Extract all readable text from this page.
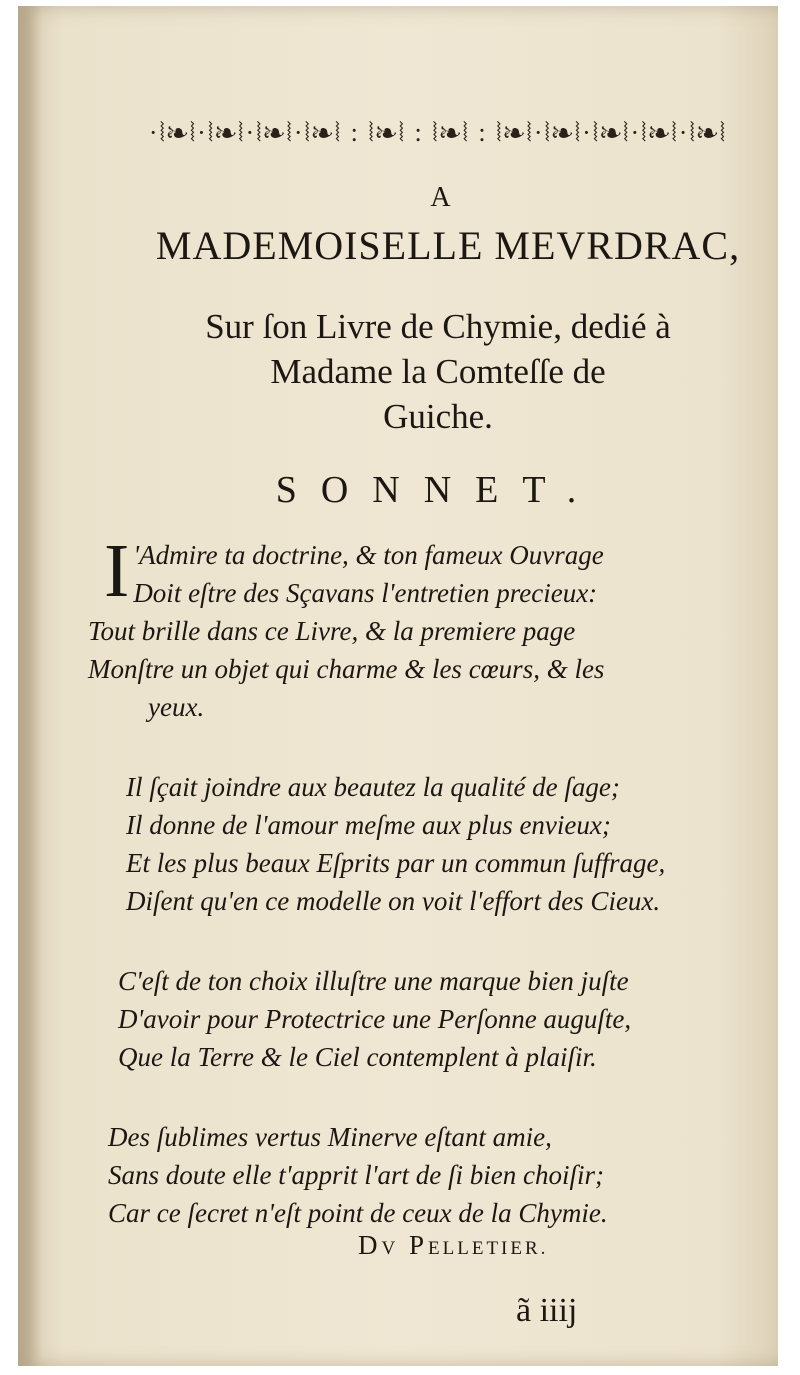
·⦚❧⦚·⦚❧⦚·⦚❧⦚·⦚❧⦚ : ⦚❧⦚ : ⦚❧⦚ : ⦚❧⦚·⦚❧⦚·⦚❧⦚·⦚❧⦚·⦚❧⦚
A
MADEMOISELLE MEVRDRAC,
Sur ſon Livre de Chymie, dedié à
Madame la Comteſſe de
Guiche.
SONNET.
I 'Admire ta doctrine, & ton fameux Ouvrage
Doit eſtre des Sçavans l'entretien precieux:
Tout brille dans ce Livre, & la premiere page
Monſtre un objet qui charme & les cœurs, & les
yeux.
Il ſçait joindre aux beautez la qualité de ſage;
Il donne de l'amour meſme aux plus envieux;
Et les plus beaux Eſprits par un commun ſuffrage,
Diſent qu'en ce modelle on voit l'effort des Cieux.
C'eſt de ton choix illuſtre une marque bien juſte
D'avoir pour Protectrice une Perſonne auguſte,
Que la Terre & le Ciel contemplent à plaiſir.
Des ſublimes vertus Minerve eſtant amie,
Sans doute elle t'apprit l'art de ſi bien choiſir;
Car ce ſecret n'eſt point de ceux de la Chymie.
DV PELLETIER.
ã iiij
